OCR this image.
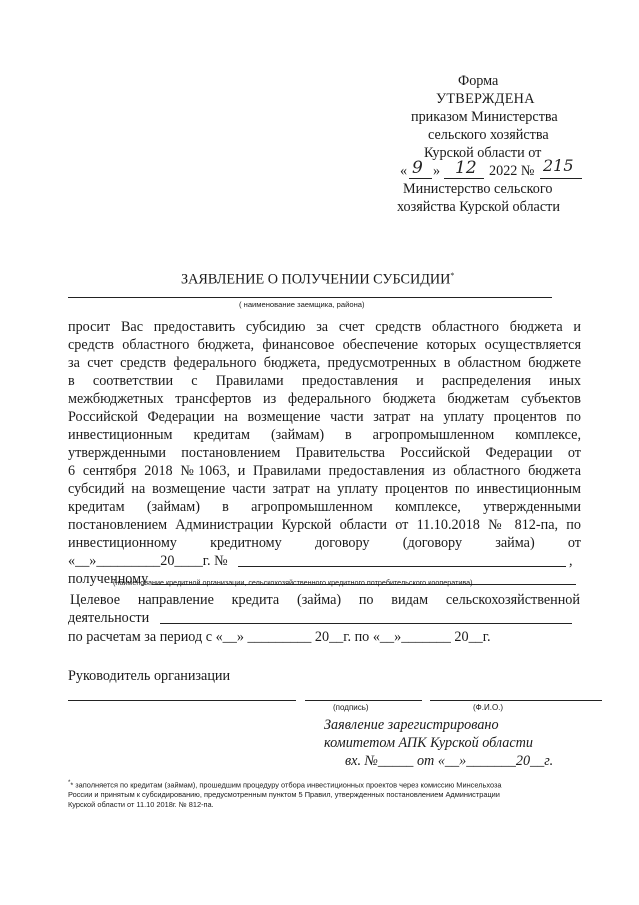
Форма
УТВЕРЖДЕНА
приказом Министерства
сельского хозяйства
Курской области от
« 9 » 12 2022 № 215
Министерство сельского
хозяйства Курской области
ЗАЯВЛЕНИЕ О ПОЛУЧЕНИИ СУБСИДИИ*
( наименование заемщика, района)
просит Вас предоставить субсидию за счет средств областного бюджета и
средств областного бюджета, финансовое обеспечение которых осуществляется
за счет средств федерального бюджета, предусмотренных в областном бюджете
в соответствии с Правилами предоставления и распределения иных
межбюджетных трансфертов из федерального бюджета бюджетам субъектов
Российской Федерации на возмещение части затрат на уплату процентов по
инвестиционным кредитам (займам) в агропромышленном комплексе,
утвержденными постановлением Правительства Российской Федерации от
6 сентября 2018 №1063, и Правилами предоставления из областного бюджета
субсидий на возмещение части затрат на уплату процентов по инвестиционным
кредитам (займам) в агропромышленном комплексе, утвержденными
постановлением Администрации Курской области от 11.10.2018 № 812-па, по
инвестиционному кредитному договору (договору займа) от
«__»_________20____г. №	,
полученному
(наименование кредитной организации, сельскохозяйственного кредитного потребительского кооператива)
Целевое направление кредита (займа) по видам сельскохозяйственной
деятельности
по расчетам за период с «__» _________ 20__г. по «__»_______ 20__г.
Руководитель организации
(подпись)	(Ф.И.О.)
Заявление зарегистрировано
комитетом АПК Курской области
вх. №_____ от «__»_______20__г.
** заполняется по кредитам (займам), прошедшим процедуру отбора инвестиционных проектов через комиссию Минсельхоза
России и принятым к субсидированию, предусмотренным пунктом 5 Правил, утвержденных постановлением Администрации
Курской области от 11.10 2018г. № 812-па.
